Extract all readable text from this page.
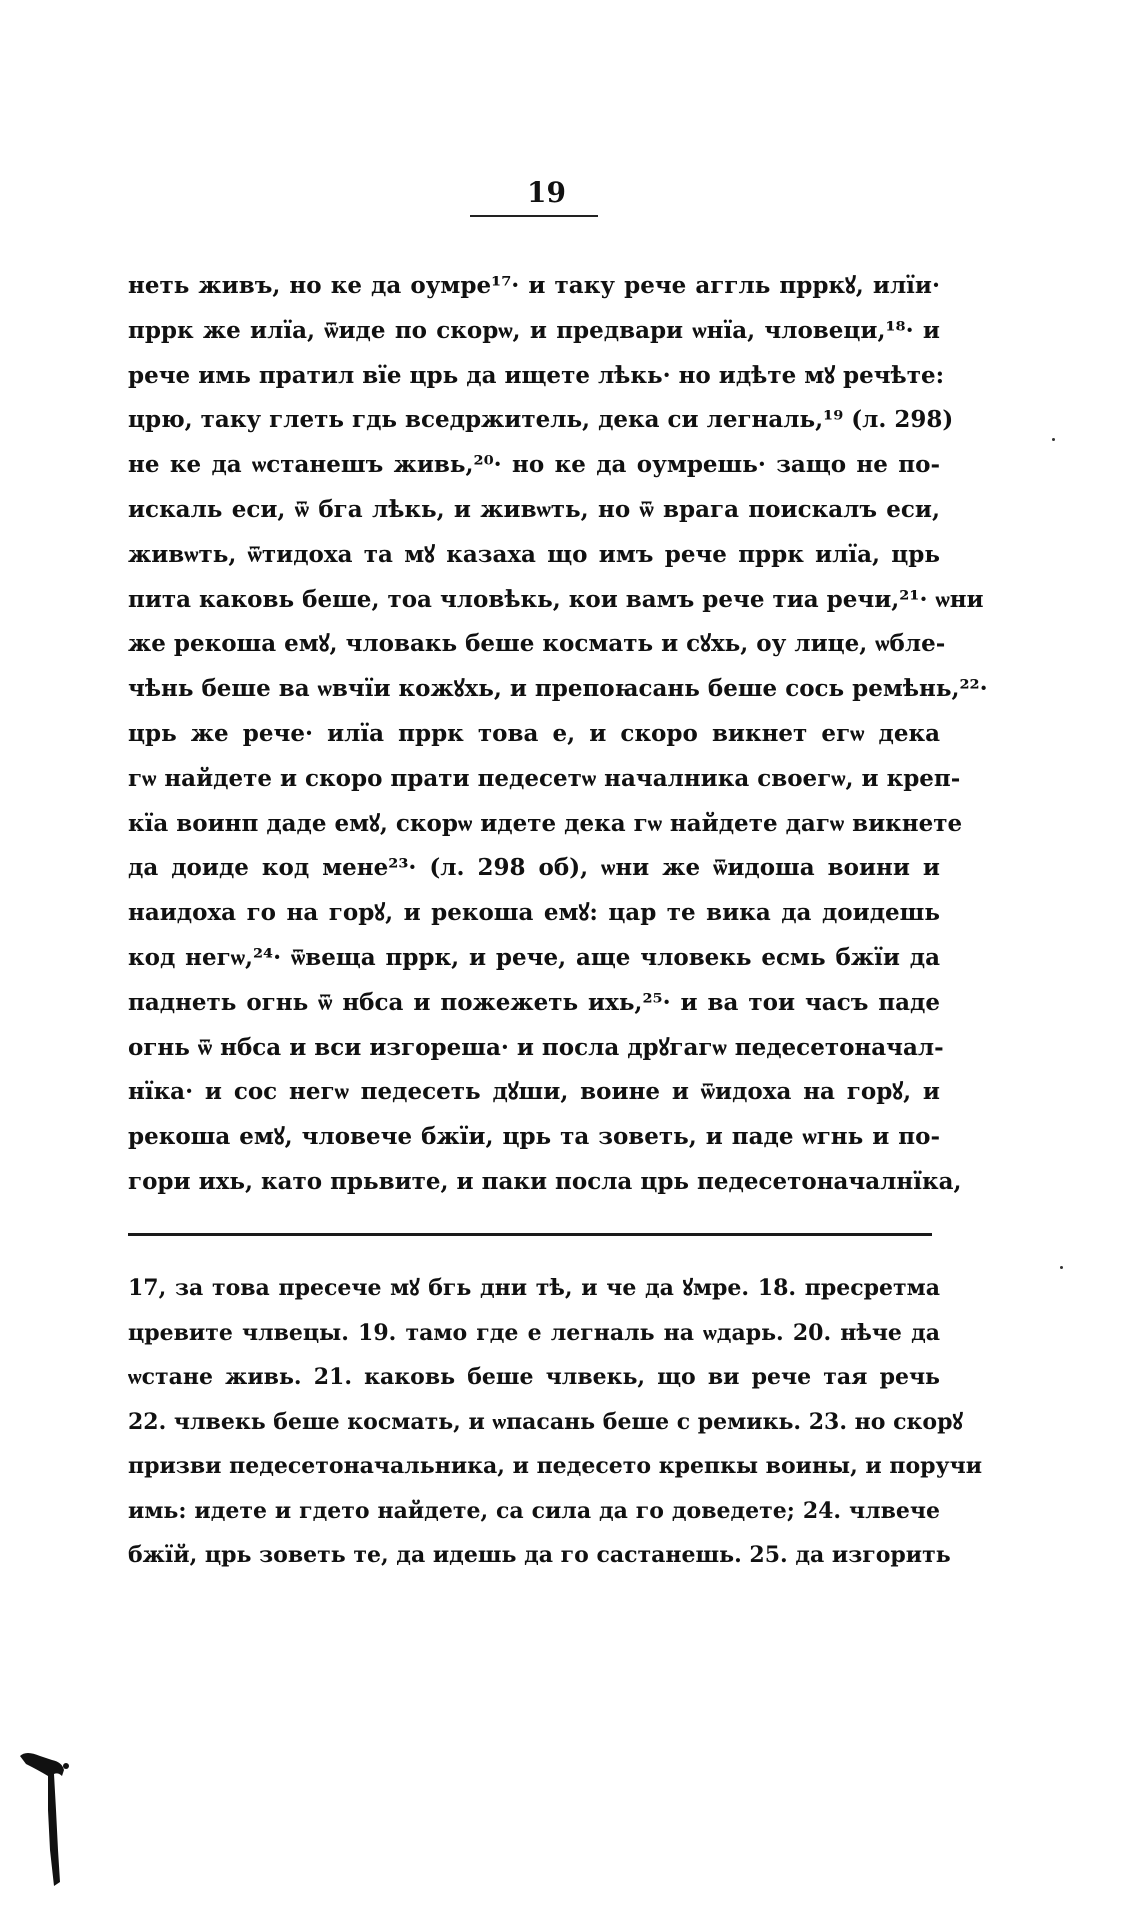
19
неть живъ, но ке да оумре¹⁷· и таку рече аггль прркꙋ, илїи·
пррк же илїа, ѿиде по скорѡ, и предвари ѡнїа, чловеци,¹⁸· и
рече имь пратил вїе црь да ищете лѣкь· но идѣте мꙋ речѣте:
црю, таку глеть гдь вседржитель, дека си легналь,¹⁹ (л. 298)
не ке да ѡстанешъ живь,²⁰· но ке да оумрешь· защо не по-
искаль еси, ѿ бга лѣкь, и живѡть, но ѿ врага поискалъ еси,
живѡть, ѿтидоха та мꙋ казаха що имъ рече пррк илїа, црь
пита каковь беше, тоа чловѣкь, кои вамъ рече тиа речи,²¹· ѡни
же рекоша емꙋ, чловакь беше космать и сꙋхь, оу лице, ѡбле-
чѣнь беше ва ѡвчїи кожꙋхь, и препоꙗсань беше сось ремѣнь,²²·
црь же рече· илїа пррк това е, и скоро викнет егѡ дека
гѡ найдете и скоро прати педесетѡ началника своегѡ, и креп-
кїа воинп даде емꙋ, скорѡ идете дека гѡ найдете дагѡ викнете
да доиде код мене²³· (л. 298 об), ѡни же ѿидоша воини и
наидоха го на горꙋ, и рекоша емꙋ: цар те вика да доидешь
код негѡ,²⁴· ѿвеща пррк, и рече, аще чловекь есмь бжїи да
паднеть огнь ѿ нбса и пожежеть ихь,²⁵· и ва тои часъ паде
огнь ѿ нбса и вси изгореша· и посла дрꙋгагѡ педесетоначал-
нїка· и сос негѡ педесеть дꙋши, воине и ѿидоха на горꙋ, и
рекоша емꙋ, чловече бжїи, црь та зоветь, и паде ѡгнь и по-
гори ихь, като прьвите, и паки посла црь педесетоначалнїка,
17, за това пресече мꙋ бгь дни тѣ, и че да ꙋмре. 18. пресретма
цревите члвецы. 19. тамо где е легналь на ѡдарь. 20. нѣче да
ѡстане живь. 21. каковь беше члвекь, що ви рече тая речь
22. члвекь беше космать, и ѡпасань беше с ремикь. 23. но скорꙋ
призви педесетоначальника, и педесето крепкы воины, и поручи
имь: идете и гдето найдете, са сила да го доведете; 24. члвече
бжїй, црь зоветь те, да идешь да го састанешь. 25. да изгорить
